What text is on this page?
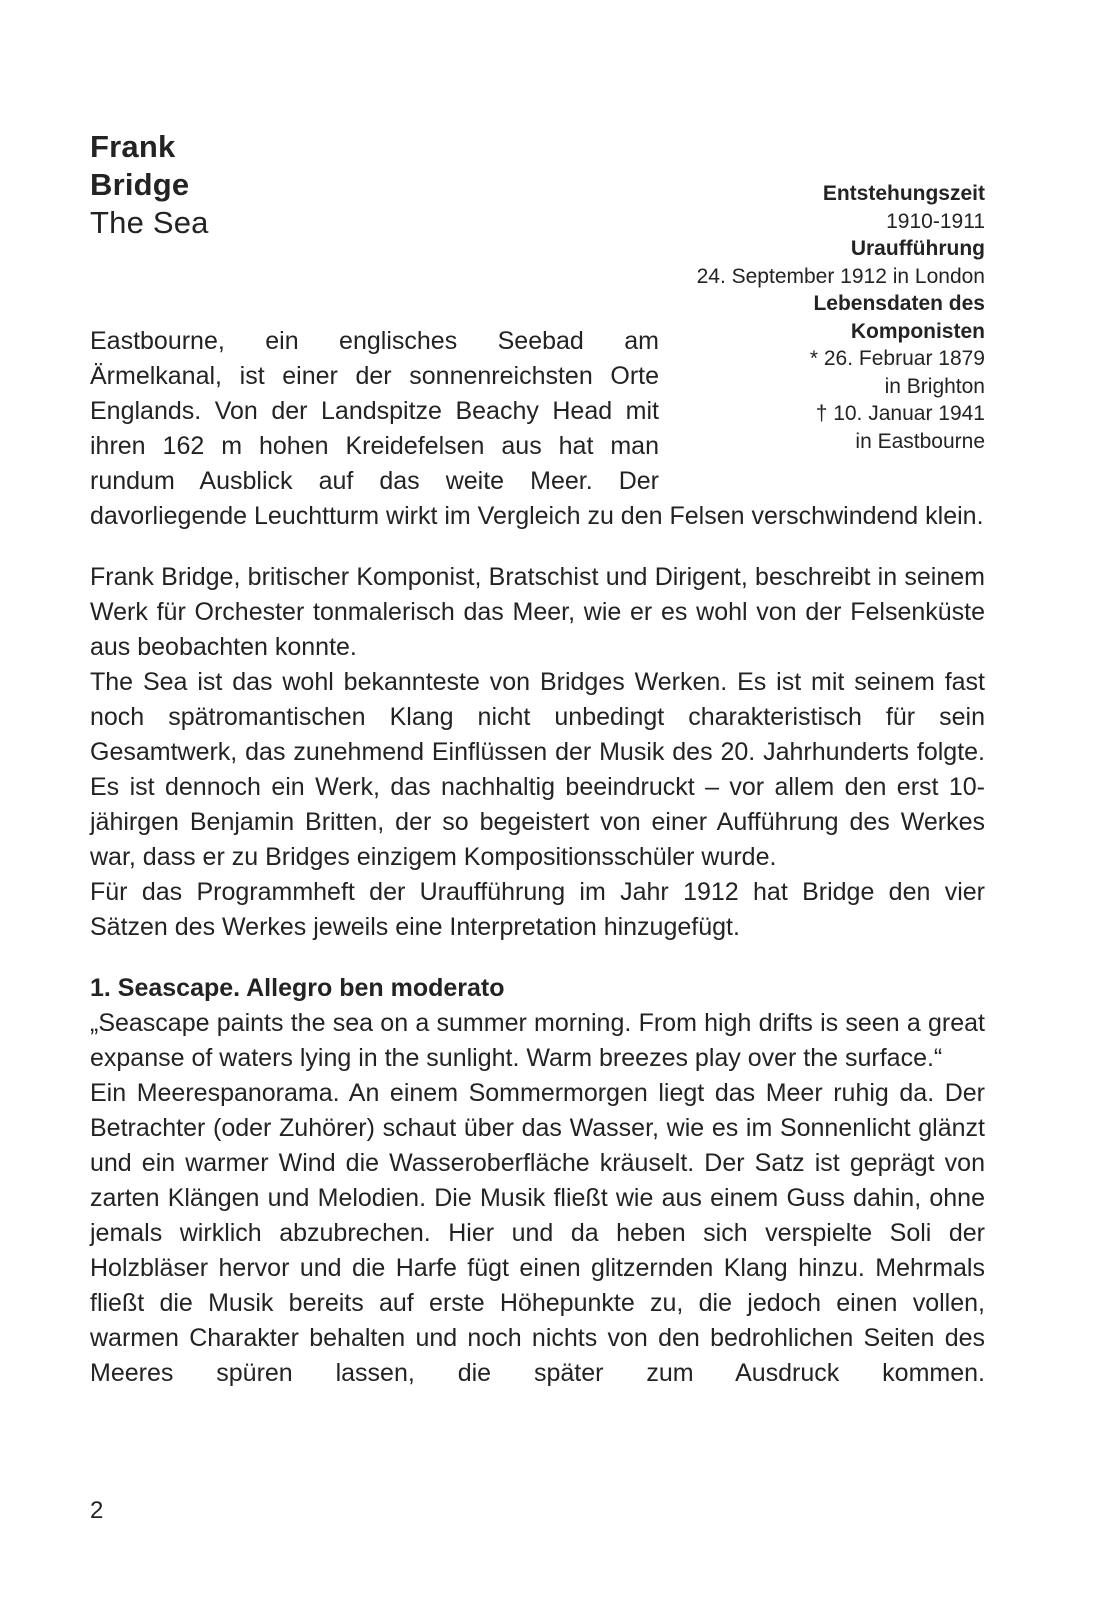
Entstehungszeit
1910-1911
Uraufführung
24. September 1912 in London
Lebensdaten des
Komponisten
* 26. Februar 1879
in Brighton
† 10. Januar 1941
in Eastbourne
Frank
Bridge
The Sea
Eastbourne, ein englisches Seebad am Ärmelkanal, ist einer der sonnenreichsten Orte Englands. Von der Landspitze Beachy Head mit ihren 162 m hohen Kreidefelsen aus hat man rundum Ausblick auf das weite Meer. Der davorliegende Leuchtturm wirkt im Vergleich zu den Felsen verschwindend klein.
Frank Bridge, britischer Komponist, Bratschist und Dirigent, beschreibt in seinem Werk für Orchester tonmalerisch das Meer, wie er es wohl von der Felsenküste aus beobachten konnte.
The Sea ist das wohl bekannteste von Bridges Werken. Es ist mit seinem fast noch spätromantischen Klang nicht unbedingt charakteristisch für sein Gesamtwerk, das zunehmend Einflüssen der Musik des 20. Jahrhunderts folgte. Es ist dennoch ein Werk, das nachhaltig beeindruckt – vor allem den erst 10-jähirgen Benjamin Britten, der so begeistert von einer Aufführung des Werkes war, dass er zu Bridges einzigem Kompositionsschüler wurde.
Für das Programmheft der Uraufführung im Jahr 1912 hat Bridge den vier Sätzen des Werkes jeweils eine Interpretation hinzugefügt.
1. Seascape. Allegro ben moderato
„Seascape paints the sea on a summer morning. From high drifts is seen a great expanse of waters lying in the sunlight. Warm breezes play over the surface.“
Ein Meerespanorama. An einem Sommermorgen liegt das Meer ruhig da. Der Betrachter (oder Zuhörer) schaut über das Wasser, wie es im Sonnenlicht glänzt und ein warmer Wind die Wasseroberfläche kräuselt. Der Satz ist geprägt von zarten Klängen und Melodien. Die Musik fließt wie aus einem Guss dahin, ohne jemals wirklich abzubrechen. Hier und da heben sich verspielte Soli der Holzbläser hervor und die Harfe fügt einen glitzernden Klang hinzu. Mehrmals fließt die Musik bereits auf erste Höhepunkte zu, die jedoch einen vollen, warmen Charakter behalten und noch nichts von den bedrohlichen Seiten des Meeres spüren lassen, die später zum Ausdruck kommen.
2
